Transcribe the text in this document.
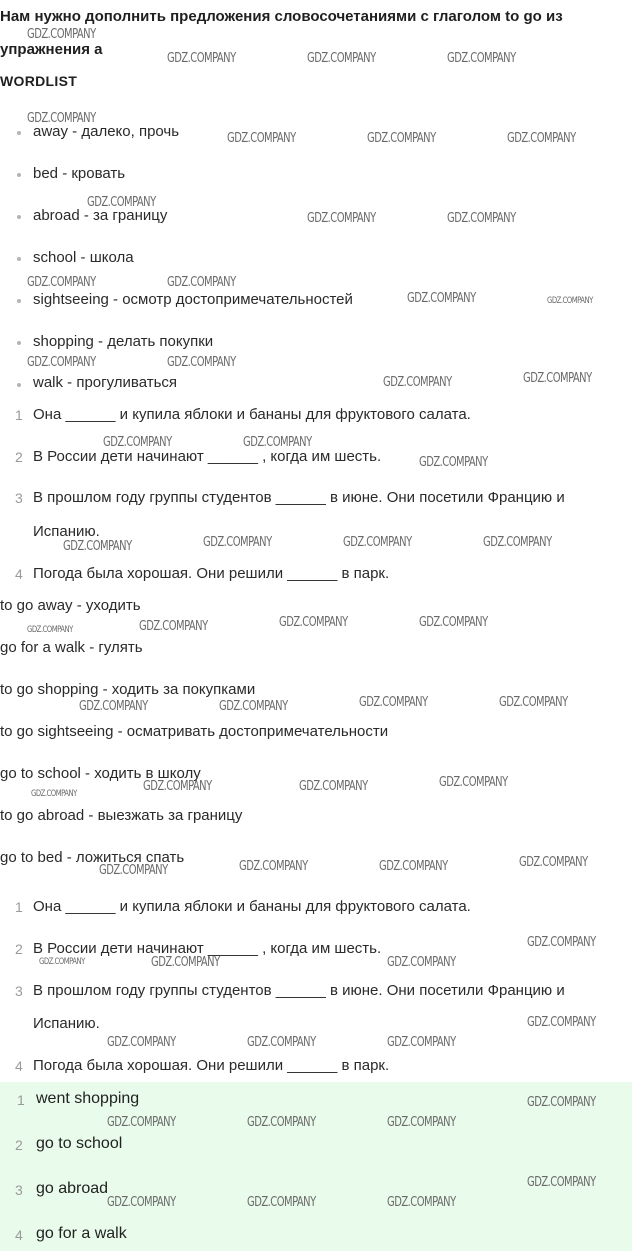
Нам нужно дополнить предложения словосочетаниями с глаголом to go из
упражнения a
WORDLIST
away - далеко, прочь
bed - кровать
abroad - за границу
school - школа
sightseeing - осмотр достопримечательностей
shopping - делать покупки
walk - прогуливаться
1 Она ______ и купила яблоки и бананы для фруктового салата.
2 В России дети начинают ______ , когда им шесть.
3 В прошлом году группы студентов ______ в июне. Они посетили Францию и
Испанию.
4 Погода была хорошая. Они решили ______ в парк.
to go away - уходить
go for a walk - гулять
to go shopping - ходить за покупками
to go sightseeing - осматривать достопримечательности
go to school - ходить в школу
to go abroad - выезжать за границу
go to bed - ложиться спать
1 Она ______ и купила яблоки и бананы для фруктового салата.
2 В России дети начинают ______ , когда им шесть.
3 В прошлом году группы студентов ______ в июне. Они посетили Францию и
Испанию.
4 Погода была хорошая. Они решили ______ в парк.
1 went shopping
2 go to school
3 go abroad
4 go for a walk
GDZ.COMPANY
GDZ.COMPANY	GDZ.COMPANY	GDZ.COMPANY
GDZ.COMPANY
GDZ.COMPANY	GDZ.COMPANY	GDZ.COMPANY
GDZ.COMPANY
GDZ.COMPANY	GDZ.COMPANY
GDZ.COMPANY	GDZ.COMPANY
GDZ.COMPANY	GDZ.COMPANY
GDZ.COMPANY	GDZ.COMPANY
GDZ.COMPANY	GDZ.COMPANY
GDZ.COMPANY	GDZ.COMPANY
GDZ.COMPANY
GDZ.COMPANY	GDZ.COMPANY	GDZ.COMPANY	GDZ.COMPANY
GDZ.COMPANY	GDZ.COMPANY	GDZ.COMPANY	GDZ.COMPANY
GDZ.COMPANY	GDZ.COMPANY	GDZ.COMPANY	GDZ.COMPANY
GDZ.COMPANY	GDZ.COMPANY	GDZ.COMPANY	GDZ.COMPANY
GDZ.COMPANY	GDZ.COMPANY	GDZ.COMPANY	GDZ.COMPANY
GDZ.COMPANY
GDZ.COMPANY	GDZ.COMPANY	GDZ.COMPANY
GDZ.COMPANY
GDZ.COMPANY	GDZ.COMPANY	GDZ.COMPANY
GDZ.COMPANY
GDZ.COMPANY	GDZ.COMPANY	GDZ.COMPANY
GDZ.COMPANY
GDZ.COMPANY	GDZ.COMPANY	GDZ.COMPANY
